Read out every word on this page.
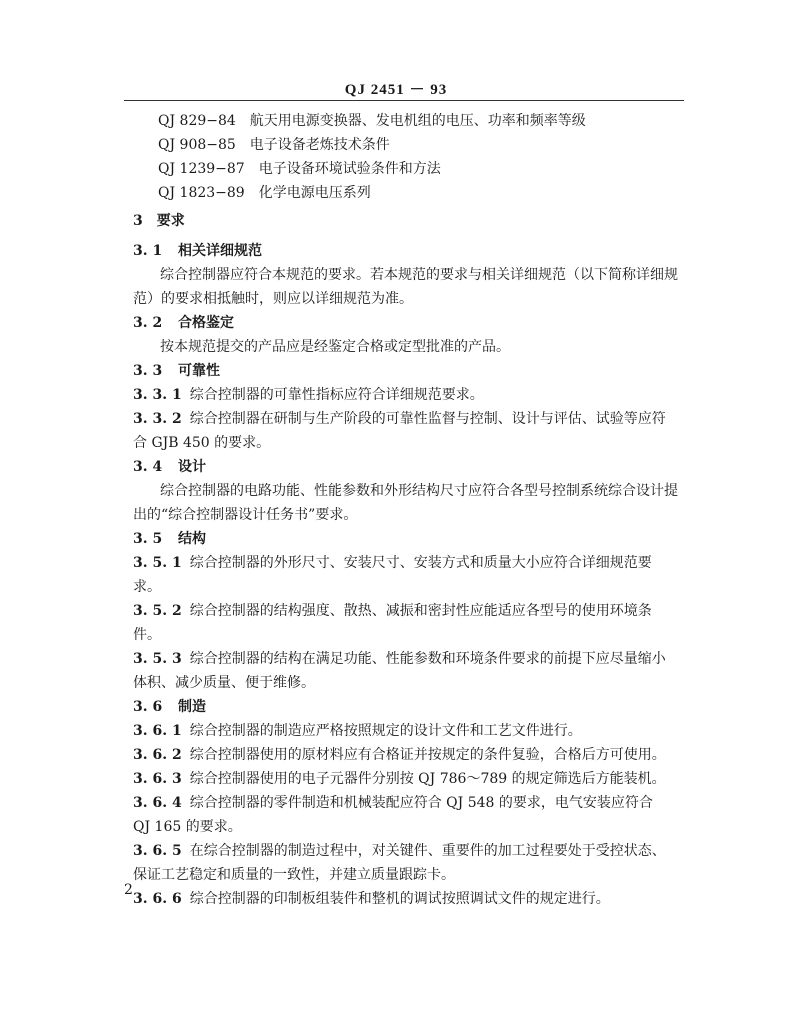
QJ 2451 － 93
QJ 829−84　航天用电源变换器、发电机组的电压、功率和频率等级
QJ 908−85　电子设备老炼技术条件
QJ 1239−87　电子设备环境试验条件和方法
QJ 1823−89　化学电源电压系列
3  要求
3. 1 相关详细规范
综合控制器应符合本规范的要求。若本规范的要求与相关详细规范（以下简称详细规
范）的要求相抵触时，则应以详细规范为准。
3. 2 合格鉴定
按本规范提交的产品应是经鉴定合格或定型批准的产品。
3. 3 可靠性
3. 3. 1 综合控制器的可靠性指标应符合详细规范要求。
3. 3. 2 综合控制器在研制与生产阶段的可靠性监督与控制、设计与评估、试验等应符
合 GJB 450 的要求。
3. 4 设计
综合控制器的电路功能、性能参数和外形结构尺寸应符合各型号控制系统综合设计提
出的“综合控制器设计任务书”要求。
3. 5 结构
3. 5. 1 综合控制器的外形尺寸、安装尺寸、安装方式和质量大小应符合详细规范要
求。
3. 5. 2 综合控制器的结构强度、散热、减振和密封性应能适应各型号的使用环境条
件。
3. 5. 3 综合控制器的结构在满足功能、性能参数和环境条件要求的前提下应尽量缩小
体积、减少质量、便于维修。
3. 6 制造
3. 6. 1 综合控制器的制造应严格按照规定的设计文件和工艺文件进行。
3. 6. 2 综合控制器使用的原材料应有合格证并按规定的条件复验，合格后方可使用。
3. 6. 3 综合控制器使用的电子元器件分别按 QJ 786～789 的规定筛选后方能装机。
3. 6. 4 综合控制器的零件制造和机械装配应符合 QJ 548 的要求，电气安装应符合
QJ 165 的要求。
3. 6. 5 在综合控制器的制造过程中，对关键件、重要件的加工过程要处于受控状态、
保证工艺稳定和质量的一致性，并建立质量跟踪卡。
3. 6. 6 综合控制器的印制板组装件和整机的调试按照调试文件的规定进行。
2
